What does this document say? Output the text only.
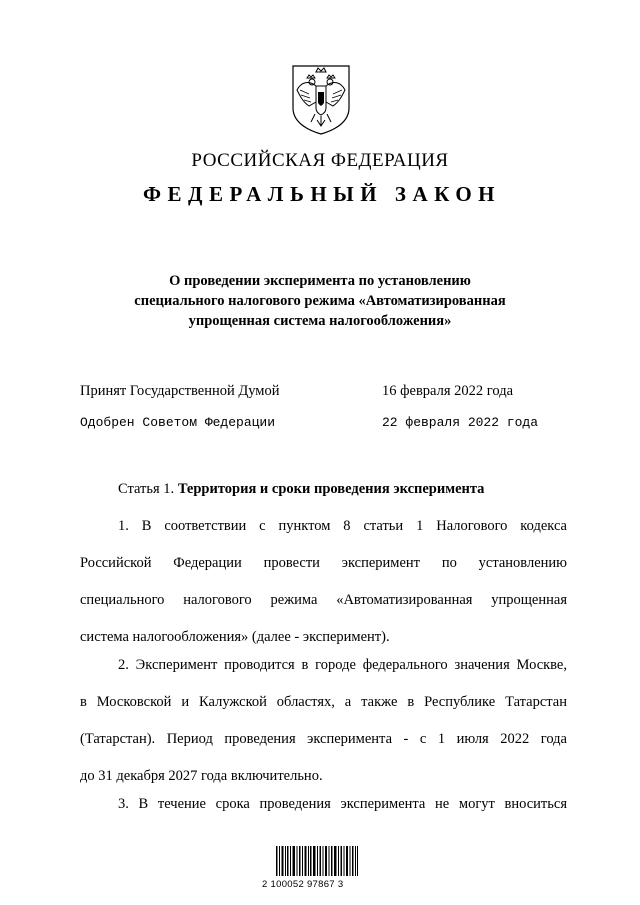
РОССИЙСКАЯ ФЕДЕРАЦИЯ
ФЕДЕРАЛЬНЫЙ ЗАКОН
О проведении эксперимента по установлению
специального налогового режима «Автоматизированная
упрощенная система налогообложения»
Принят Государственной Думой	16 февраля 2022 года
Одобрен Советом Федерации	22 февраля 2022 года
Статья 1. Территория и сроки проведения эксперимента
1. В соответствии с пунктом 8 статьи 1 Налогового кодекса
Российской Федерации провести эксперимент по установлению
специального налогового режима «Автоматизированная упрощенная
система налогообложения» (далее - эксперимент).
2. Эксперимент проводится в городе федерального значения Москве,
в Московской и Калужской областях, а также в Республике Татарстан
(Татарстан). Период проведения эксперимента - с 1 июля 2022 года
до 31 декабря 2027 года включительно.
3. В течение срока проведения эксперимента не могут вноситься
2 100052 97867 3
